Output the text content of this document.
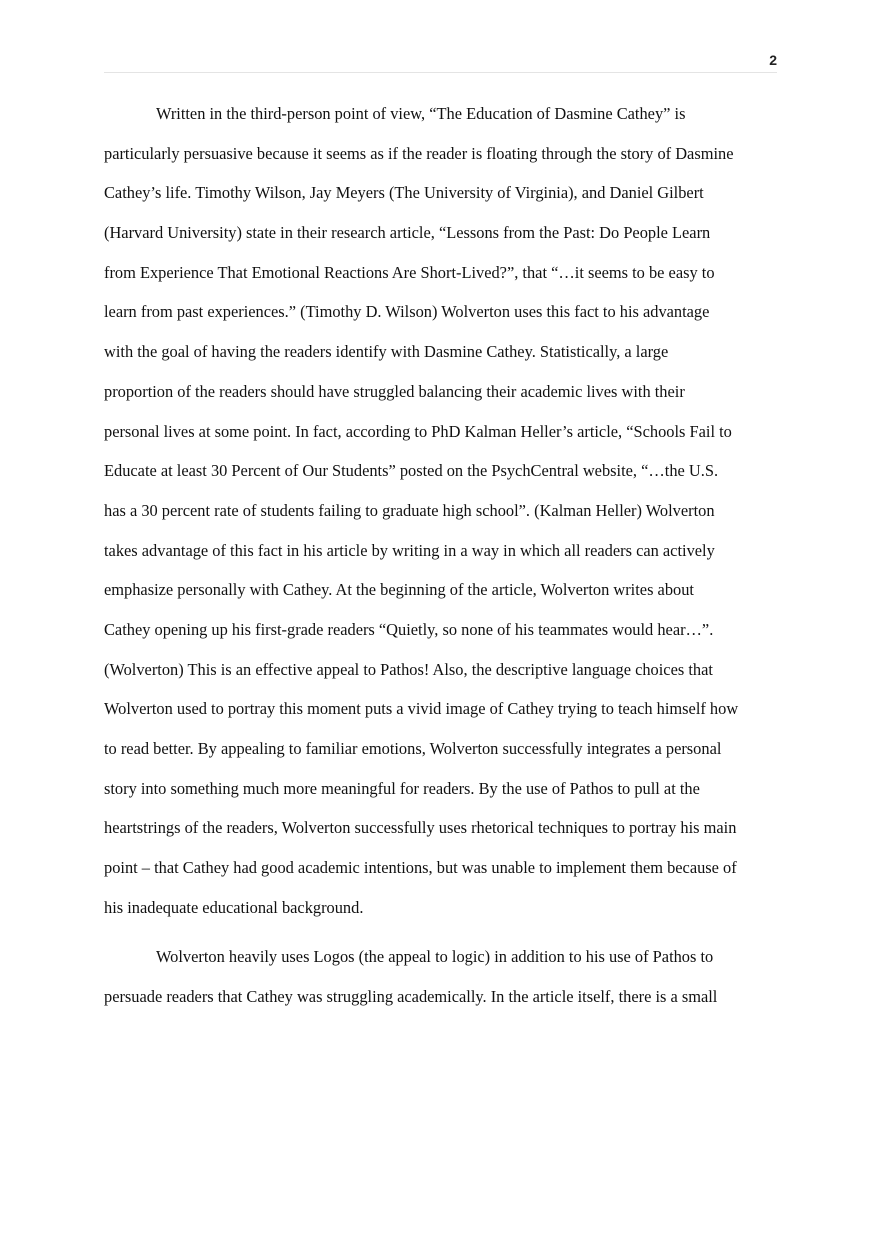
2
Written in the third-person point of view, “The Education of Dasmine Cathey” is
particularly persuasive because it seems as if the reader is floating through the story of Dasmine
Cathey’s life. Timothy Wilson, Jay Meyers (The University of Virginia), and Daniel Gilbert
(Harvard University) state in their research article, “Lessons from the Past: Do People Learn
from Experience That Emotional Reactions Are Short-Lived?”, that “…it seems to be easy to
learn from past experiences.” (Timothy D. Wilson) Wolverton uses this fact to his advantage
with the goal of having the readers identify with Dasmine Cathey. Statistically, a large
proportion of the readers should have struggled balancing their academic lives with their
personal lives at some point. In fact, according to PhD Kalman Heller’s article, “Schools Fail to
Educate at least 30 Percent of Our Students” posted on the PsychCentral website, “…the U.S.
has a 30 percent rate of students failing to graduate high school”. (Kalman Heller) Wolverton
takes advantage of this fact in his article by writing in a way in which all readers can actively
emphasize personally with Cathey. At the beginning of the article, Wolverton writes about
Cathey opening up his first-grade readers “Quietly, so none of his teammates would hear…”.
(Wolverton) This is an effective appeal to Pathos! Also, the descriptive language choices that
Wolverton used to portray this moment puts a vivid image of Cathey trying to teach himself how
to read better. By appealing to familiar emotions, Wolverton successfully integrates a personal
story into something much more meaningful for readers. By the use of Pathos to pull at the
heartstrings of the readers, Wolverton successfully uses rhetorical techniques to portray his main
point – that Cathey had good academic intentions, but was unable to implement them because of
his inadequate educational background.
Wolverton heavily uses Logos (the appeal to logic) in addition to his use of Pathos to
persuade readers that Cathey was struggling academically. In the article itself, there is a small
